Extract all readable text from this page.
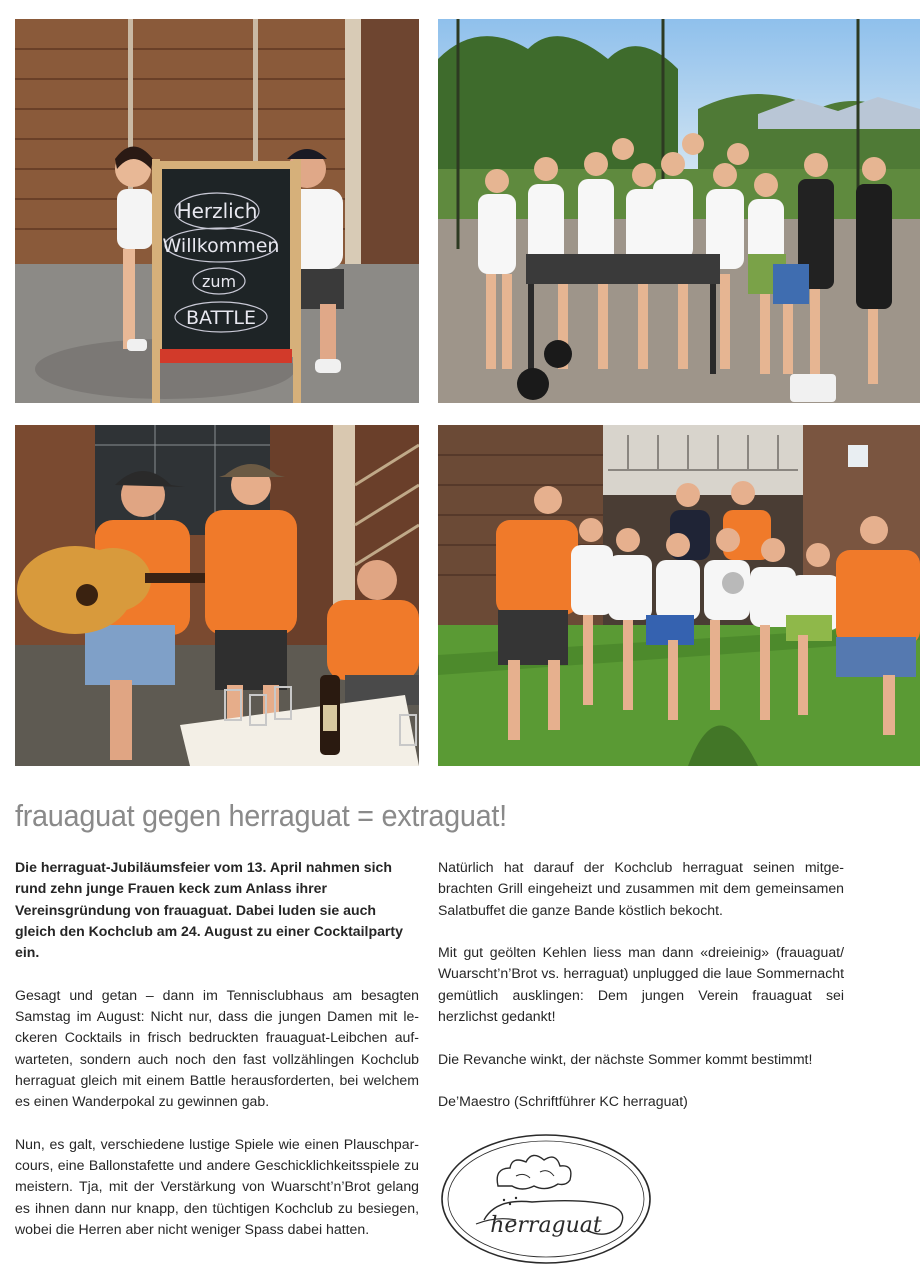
Herzlich
Willkommen
zum
BATTLE
frauaguat gegen herraguat = extraguat!

Die herraguat-Jubiläumsfeier vom 13. April nahmen sich rund zehn junge Frauen keck zum Anlass ihrer Vereinsgründung von frauaguat. Dabei luden sie auch gleich den Kochclub am 24. August zu einer Cocktailparty ein.

Gesagt und getan – dann im Tennisclubhaus am besagten Samstag im August: Nicht nur, dass die jungen Damen mit leckeren Cocktails in frisch bedruckten frauaguat-Leibchen aufwarteten, sondern auch noch den fast vollzählingen Kochclub herraguat gleich mit einem Battle herausforderten, bei welchem es einen Wanderpokal zu gewinnen gab.

Nun, es galt, verschiedene lustige Spiele wie einen Plauschparcours, eine Ballonstafette und andere Geschicklichkeitsspiele zu meistern. Tja, mit der Verstärkung von Wuarscht’n’Brot gelang es ihnen dann nur knapp, den tüchtigen Kochclub zu besiegen, wobei die Herren aber nicht weniger Spass dabei hatten.

Natürlich hat darauf der Kochclub herraguat seinen mitgebrachten Grill eingeheizt und zusammen mit dem gemeinsamen Salatbuffet die ganze Bande köstlich bekocht.

Mit gut geölten Kehlen liess man dann «dreieinig» (frauaguat/ Wuarscht’n’Brot vs. herraguat) unplugged die laue Sommernacht gemütlich ausklingen: Dem jungen Verein frauaguat sei herzlichst gedankt!

Die Revanche winkt, der nächste Sommer kommt bestimmt!

De’Maestro (Schriftführer KC herraguat)

herraguat
